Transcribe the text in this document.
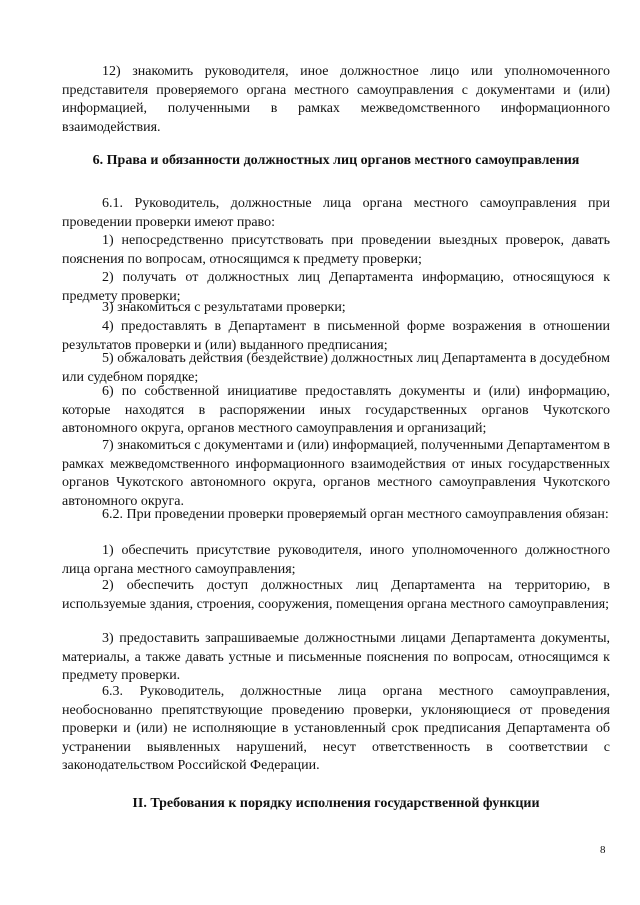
12) знакомить руководителя, иное должностное лицо или уполномоченного представителя проверяемого органа местного самоуправления с документами и (или) информацией, полученными в рамках межведомственного информационного взаимодействия.

6. Права и обязанности должностных лиц органов местного самоуправления

6.1. Руководитель, должностные лица органа местного самоуправления при проведении проверки имеют право:

1) непосредственно присутствовать при проведении выездных проверок, давать пояснения по вопросам, относящимся к предмету проверки;

2) получать от должностных лиц Департамента информацию, относящуюся к предмету проверки;

3) знакомиться с результатами проверки;

4) предоставлять в Департамент в письменной форме возражения в отношении результатов проверки и (или) выданного предписания;

5) обжаловать действия (бездействие) должностных лиц Департамента в досудебном или судебном порядке;

6) по собственной инициативе предоставлять документы и (или) информацию, которые находятся в распоряжении иных государственных органов Чукотского автономного округа, органов местного самоуправления и организаций;

7) знакомиться с документами и (или) информацией, полученными Департаментом в рамках межведомственного информационного взаимодействия от иных государственных органов Чукотского автономного округа, органов местного самоуправления Чукотского автономного округа.

6.2. При проведении проверки проверяемый орган местного самоуправления обязан:

1) обеспечить присутствие руководителя, иного уполномоченного должностного лица органа местного самоуправления;

2) обеспечить доступ должностных лиц Департамента на территорию, в используемые здания, строения, сооружения, помещения органа местного самоуправления;

3) предоставить запрашиваемые должностными лицами Департамента документы, материалы, а также давать устные и письменные пояснения по вопросам, относящимся к предмету проверки.

6.3. Руководитель, должностные лица органа местного самоуправления, необоснованно препятствующие проведению проверки, уклоняющиеся от проведения проверки и (или) не исполняющие в установленный срок предписания Департамента об устранении выявленных нарушений, несут ответственность в соответствии с законодательством Российской Федерации.

II. Требования к порядку исполнения государственной функции

8
